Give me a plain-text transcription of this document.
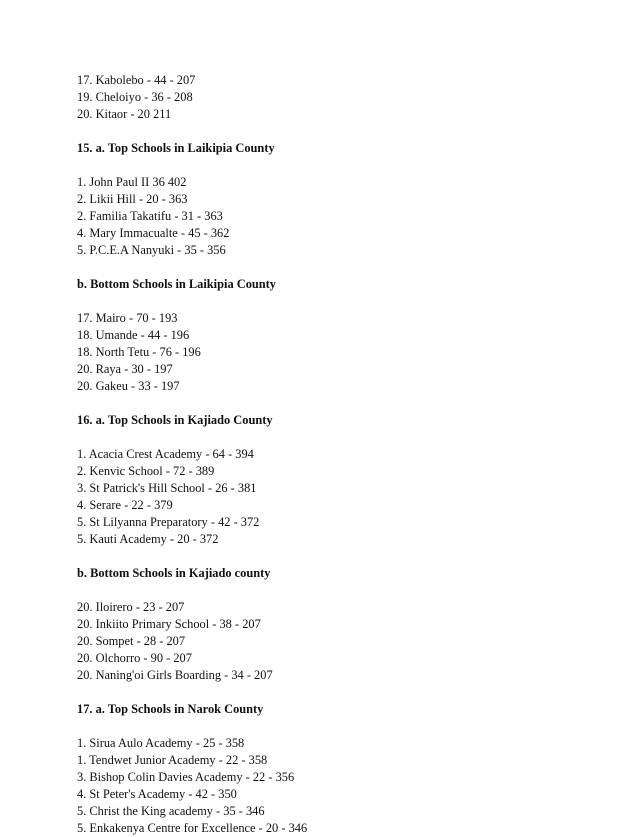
17. Kabolebo - 44 - 207
19. Cheloiyo - 36 - 208
20. Kitaor - 20 211
15. a. Top Schools in Laikipia County
1. John Paul II 36 402
2. Likii Hill - 20 - 363
2. Familia Takatifu - 31 - 363
4. Mary Immacualte - 45 - 362
5. P.C.E.A Nanyuki - 35 - 356
b. Bottom Schools in Laikipia County
17. Mairo - 70 - 193
18. Umande - 44 - 196
18. North Tetu - 76 - 196
20. Raya - 30 - 197
20. Gakeu - 33 - 197
16. a. Top Schools in Kajiado County
1. Acacia Crest Academy - 64 - 394
2. Kenvic School - 72 - 389
3. St Patrick's Hill School - 26 - 381
4. Serare - 22 - 379
5. St Lilyanna Preparatory - 42 - 372
5. Kauti Academy - 20 - 372
b. Bottom Schools in Kajiado county
20. Iloirero - 23 - 207
20. Inkiito Primary School - 38 - 207
20. Sompet - 28 - 207
20. Olchorro - 90 - 207
20. Naning'oi Girls Boarding - 34 - 207
17. a. Top Schools in Narok County
1. Sirua Aulo Academy - 25 - 358
1. Tendwet Junior Academy - 22 - 358
3. Bishop Colin Davies Academy - 22 - 356
4. St Peter's Academy - 42 - 350
5. Christ the King academy - 35 - 346
5. Enkakenya Centre for Excellence - 20 - 346
